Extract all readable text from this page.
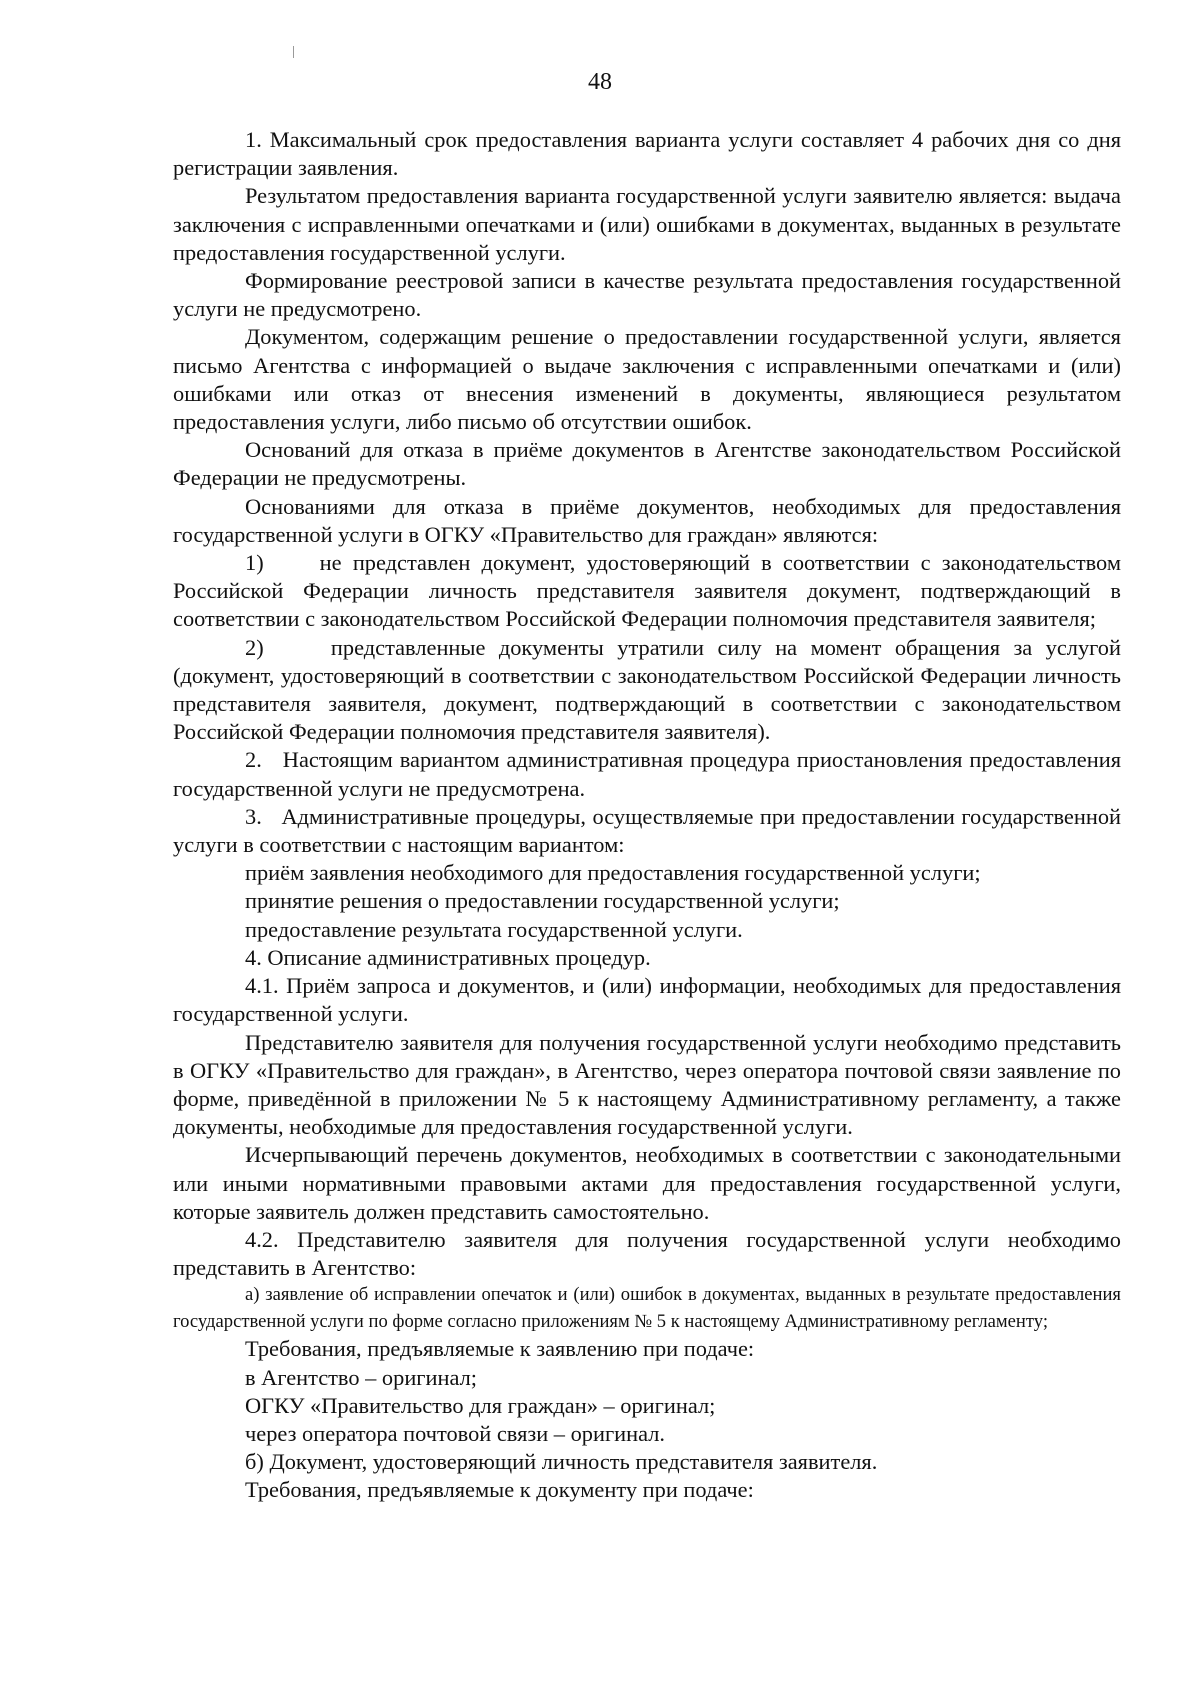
48

1. Максимальный срок предоставления варианта услуги составляет 4 рабочих дня со дня регистрации заявления.

Результатом предоставления варианта государственной услуги заявителю является: выдача заключения с исправленными опечатками и (или) ошибками в документах, выданных в результате предоставления государственной услуги.

Формирование реестровой записи в качестве результата предоставления государственной услуги не предусмотрено.

Документом, содержащим решение о предоставлении государственной услуги, является письмо Агентства с информацией о выдаче заключения с исправленными опечатками и (или) ошибками или отказ от внесения изменений в документы, являющиеся результатом предоставления услуги, либо письмо об отсутствии ошибок.

Оснований для отказа в приёме документов в Агентстве законодательством Российской Федерации не предусмотрены.

Основаниями для отказа в приёме документов, необходимых для предоставления государственной услуги в ОГКУ «Правительство для граждан» являются:

1)     не представлен документ, удостоверяющий в соответствии с законодательством Российской Федерации личность представителя заявителя документ, подтверждающий в соответствии с законодательством Российской Федерации полномочия представителя заявителя;

2)     представленные документы утратили силу на момент обращения за услугой (документ, удостоверяющий в соответствии с законодательством Российской Федерации личность представителя заявителя, документ, подтверждающий в соответствии с законодательством Российской Федерации полномочия представителя заявителя).

2.   Настоящим вариантом административная процедура приостановления предоставления государственной услуги не предусмотрена.

3.   Административные процедуры, осуществляемые при предоставлении государственной услуги в соответствии с настоящим вариантом:

приём заявления необходимого для предоставления государственной услуги;

принятие решения о предоставлении государственной услуги;

предоставление результата государственной услуги.

4. Описание административных процедур.

4.1. Приём запроса и документов, и (или) информации, необходимых для предоставления государственной услуги.

Представителю заявителя для получения государственной услуги необходимо представить в ОГКУ «Правительство для граждан», в Агентство, через оператора почтовой связи заявление по форме, приведённой в приложении № 5 к настоящему Административному регламенту, а также документы, необходимые для предоставления государственной услуги.

Исчерпывающий перечень документов, необходимых в соответствии с законодательными или иными нормативными правовыми актами для предоставления государственной услуги, которые заявитель должен представить самостоятельно.

4.2. Представителю заявителя для получения государственной услуги необходимо представить в Агентство:

а) заявление об исправлении опечаток и (или) ошибок в документах, выданных в результате предоставления государственной услуги по форме согласно приложениям № 5 к настоящему Административному регламенту;

Требования, предъявляемые к заявлению при подаче:

в Агентство – оригинал;

ОГКУ «Правительство для граждан» – оригинал;

через оператора почтовой связи – оригинал.

б) Документ, удостоверяющий личность представителя заявителя.

Требования, предъявляемые к документу при подаче:
